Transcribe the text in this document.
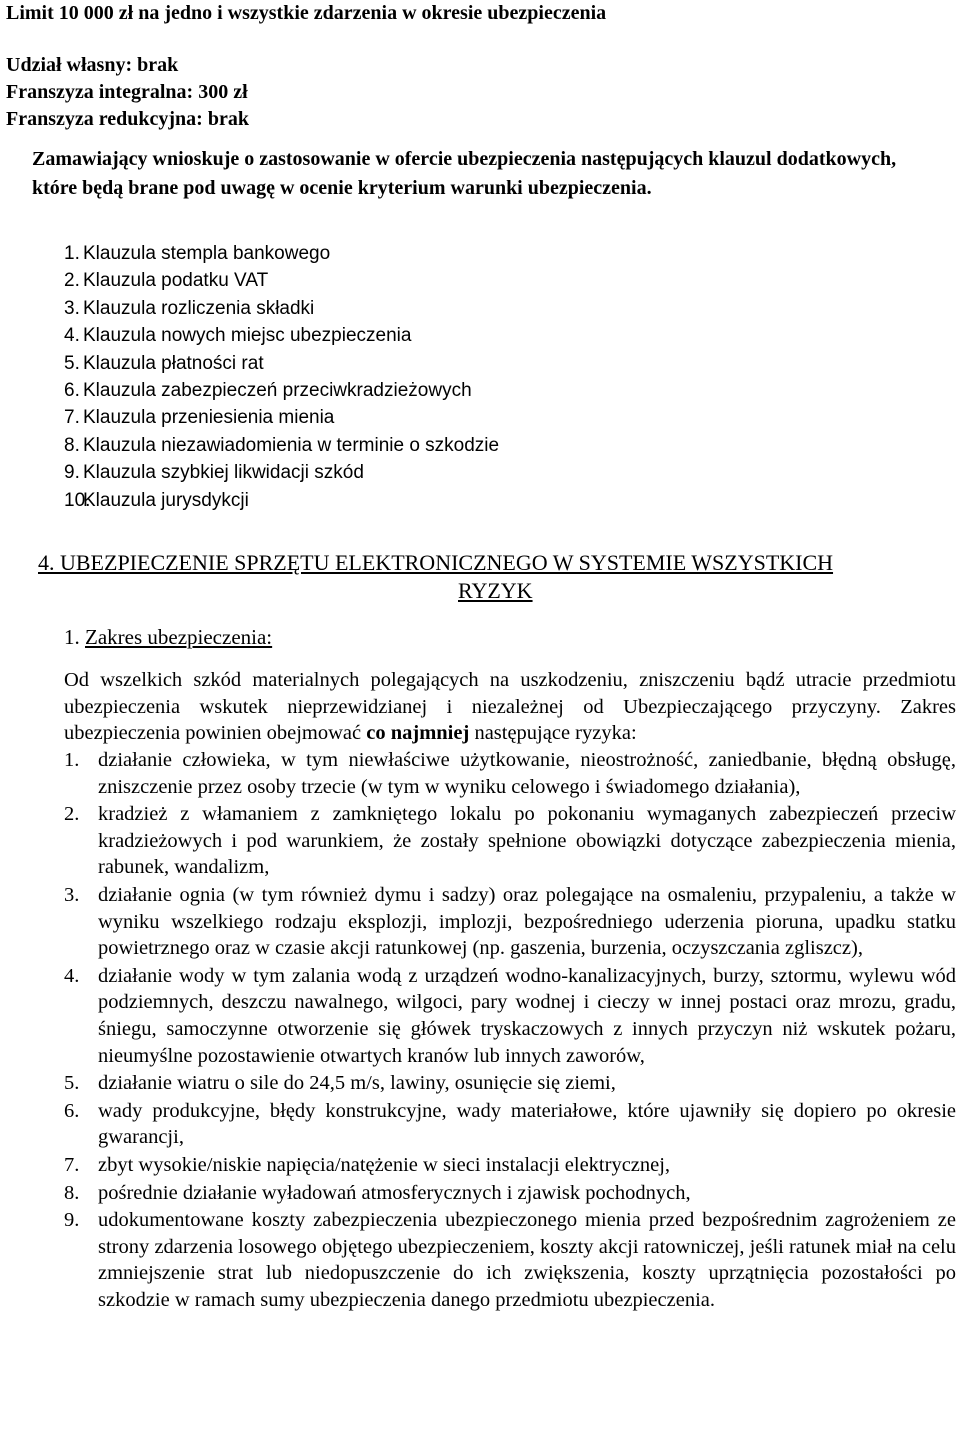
Limit 10 000 zł na jedno i wszystkie zdarzenia w okresie ubezpieczenia
Udział własny: brak
Franszyza integralna: 300 zł
Franszyza redukcyjna: brak
Zamawiający wnioskuje o zastosowanie w ofercie ubezpieczenia następujących klauzul dodatkowych, które będą brane pod uwagę w ocenie kryterium warunki ubezpieczenia.
1. Klauzula stempla bankowego
2. Klauzula podatku VAT
3. Klauzula rozliczenia składki
4. Klauzula nowych miejsc ubezpieczenia
5. Klauzula płatności rat
6. Klauzula zabezpieczeń przeciwkradzieżowych
7. Klauzula przeniesienia mienia
8. Klauzula niezawiadomienia w terminie o szkodzie
9. Klauzula szybkiej likwidacji szkód
10.Klauzula jurysdykcji
4. UBEZPIECZENIE SPRZĘTU ELEKTRONICZNEGO W SYSTEMIE WSZYSTKICH
RYZYK
1. Zakres ubezpieczenia:

Od wszelkich szkód materialnych polegających na uszkodzeniu, zniszczeniu bądź utracie przedmiotu ubezpieczenia wskutek nieprzewidzianej i niezależnej od Ubezpieczającego przyczyny. Zakres ubezpieczenia powinien obejmować co najmniej następujące ryzyka:

1. działanie człowieka, w tym niewłaściwe użytkowanie, nieostrożność, zaniedbanie, błędną obsługę, zniszczenie przez osoby trzecie (w tym w wyniku celowego i świadomego działania),
2. kradzież z włamaniem z zamkniętego lokalu po pokonaniu wymaganych zabezpieczeń przeciw kradzieżowych i pod warunkiem, że zostały spełnione obowiązki dotyczące zabezpieczenia mienia, rabunek, wandalizm,
3. działanie ognia (w tym również dymu i sadzy) oraz polegające na osmaleniu, przypaleniu, a także w wyniku wszelkiego rodzaju eksplozji, implozji, bezpośredniego uderzenia pioruna, upadku statku powietrznego oraz w czasie akcji ratunkowej (np. gaszenia, burzenia, oczyszczania zgliszcz),
4. działanie wody w tym zalania wodą z urządzeń wodno-kanalizacyjnych, burzy, sztormu, wylewu wód podziemnych, deszczu nawalnego, wilgoci, pary wodnej i cieczy w innej postaci oraz mrozu, gradu, śniegu, samoczynne otworzenie się główek tryskaczowych z innych przyczyn niż wskutek pożaru, nieumyślne pozostawienie otwartych kranów lub innych zaworów,
5. działanie wiatru o sile do 24,5 m/s, lawiny, osunięcie się ziemi,
6. wady produkcyjne, błędy konstrukcyjne, wady materiałowe, które ujawniły się dopiero po okresie gwarancji,
7. zbyt wysokie/niskie napięcia/natężenie w sieci instalacji elektrycznej,
8. pośrednie działanie wyładowań atmosferycznych i zjawisk pochodnych,
9. udokumentowane koszty zabezpieczenia ubezpieczonego mienia przed bezpośrednim zagrożeniem ze strony zdarzenia losowego objętego ubezpieczeniem, koszty akcji ratowniczej, jeśli ratunek miał na celu zmniejszenie strat lub niedopuszczenie do ich zwiększenia, koszty uprzątnięcia pozostałości po szkodzie w ramach sumy ubezpieczenia danego przedmiotu ubezpieczenia.
